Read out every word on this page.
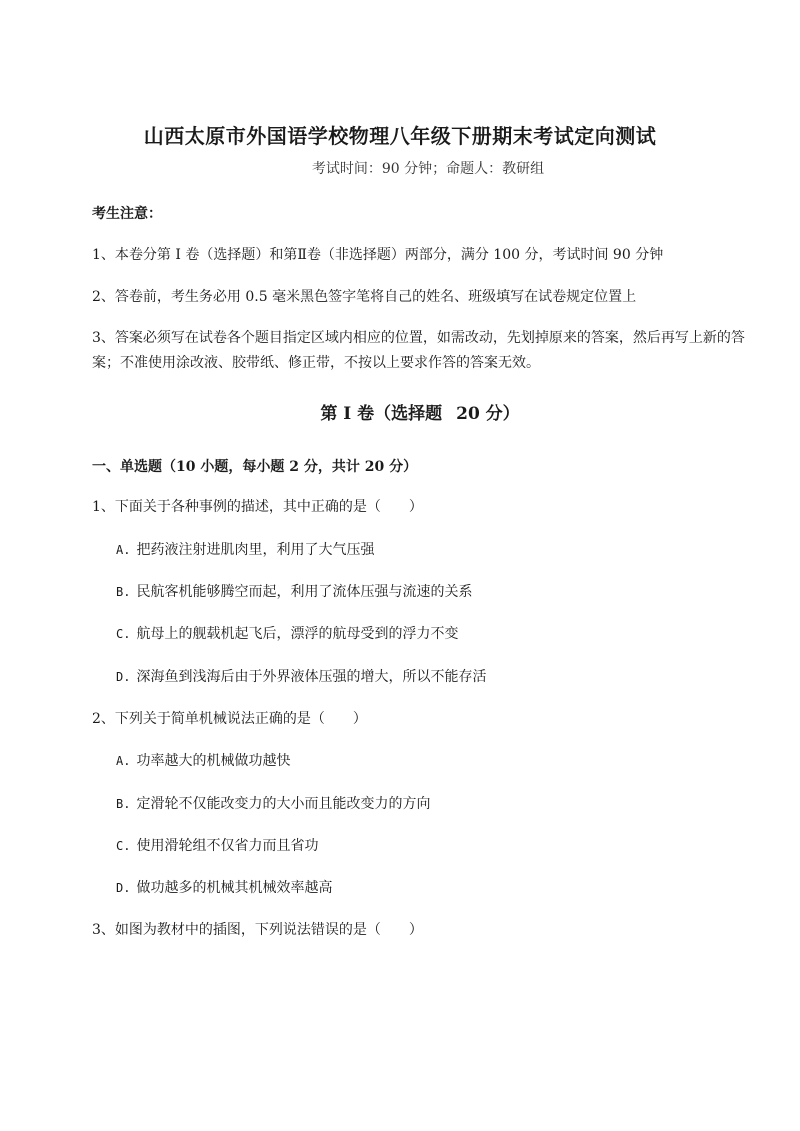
山西太原市外国语学校物理八年级下册期末考试定向测试
考试时间：90 分钟；命题人：教研组
考生注意：
1、本卷分第 I 卷（选择题）和第Ⅱ卷（非选择题）两部分，满分 100 分，考试时间 90 分钟
2、答卷前，考生务必用 0.5 毫米黑色签字笔将自己的姓名、班级填写在试卷规定位置上
3、答案必须写在试卷各个题目指定区域内相应的位置，如需改动，先划掉原来的答案，然后再写上新的答案；不准使用涂改液、胶带纸、修正带，不按以上要求作答的答案无效。
第 I 卷（选择题 20 分）
一、单选题（10 小题，每小题 2 分，共计 20 分）
1、下面关于各种事例的描述，其中正确的是（　　）
A. 把药液注射进肌肉里，利用了大气压强
B. 民航客机能够腾空而起，利用了流体压强与流速的关系
C. 航母上的舰载机起飞后，漂浮的航母受到的浮力不变
D. 深海鱼到浅海后由于外界液体压强的增大，所以不能存活
2、下列关于简单机械说法正确的是（　　）
A. 功率越大的机械做功越快
B. 定滑轮不仅能改变力的大小而且能改变力的方向
C. 使用滑轮组不仅省力而且省功
D. 做功越多的机械其机械效率越高
3、如图为教材中的插图，下列说法错误的是（　　）
